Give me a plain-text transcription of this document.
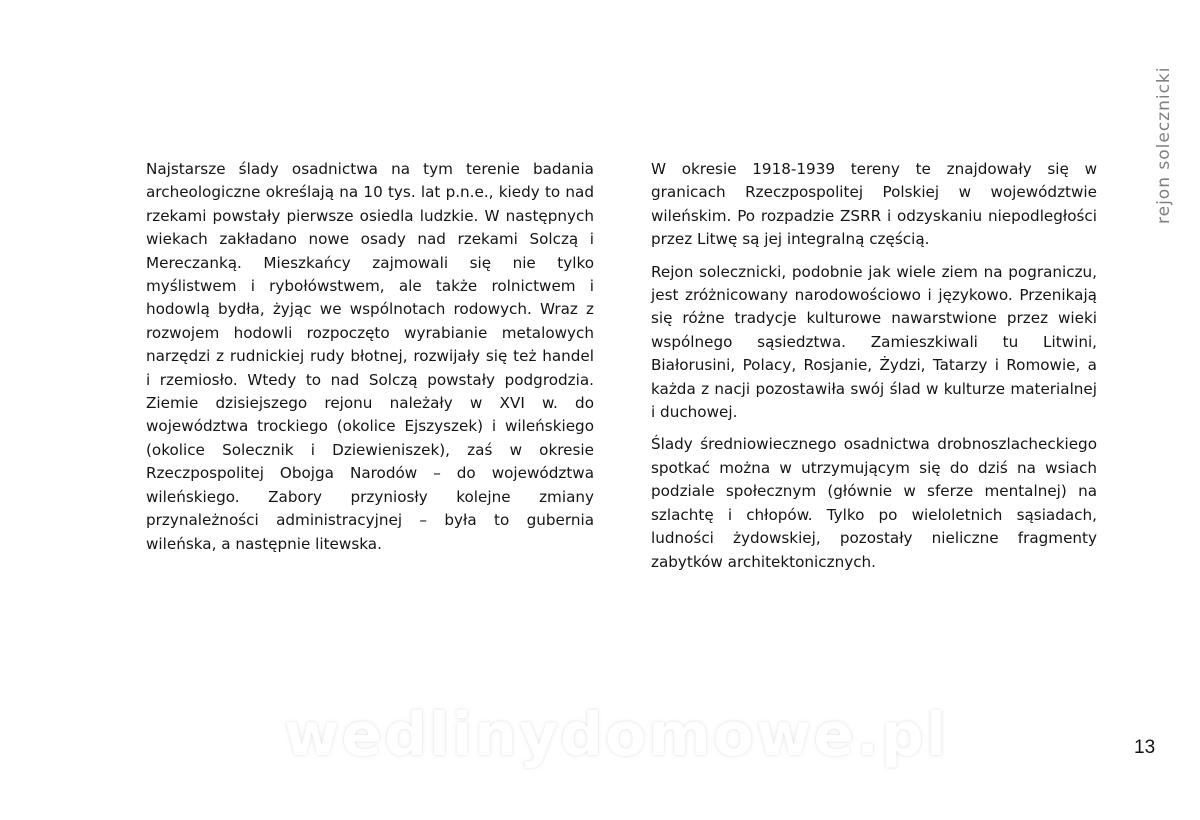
rejon solecznicki

Najstarsze ślady osadnictwa na tym terenie badania archeologiczne określają na 10 tys. lat p.n.e., kiedy to nad rzekami powstały pierwsze osiedla ludzkie. W następnych wiekach zakładano nowe osady nad rzekami Solczą i Mereczanką. Mieszkańcy zajmowali się nie tylko myślistwem i rybołówstwem, ale także rolnictwem i hodowlą bydła, żyjąc we wspólnotach rodowych. Wraz z rozwojem hodowli rozpoczęto wyrabianie metalowych narzędzi z rudnickiej rudy błotnej, rozwijały się też handel i rzemiosło. Wtedy to nad Solczą powstały podgrodzia. Ziemie dzisiejszego rejonu należały w XVI w. do województwa trockiego (okolice Ejszyszek) i wileńskiego (okolice Solecznik i Dziewieniszek), zaś w okresie Rzeczpospolitej Obojga Narodów – do województwa wileńskiego. Zabory przyniosły kolejne zmiany przynależności administracyjnej – była to gubernia wileńska, a następnie litewska.

W okresie 1918-1939 tereny te znajdowały się w granicach Rzeczpospolitej Polskiej w województwie wileńskim. Po rozpadzie ZSRR i odzyskaniu niepodległości przez Litwę są jej integralną częścią.

Rejon solecznicki, podobnie jak wiele ziem na pograniczu, jest zróżnicowany narodowościowo i językowo. Przenikają się różne tradycje kulturowe nawarstwione przez wieki wspólnego sąsiedztwa. Zamieszkiwali tu Litwini, Białorusini, Polacy, Rosjanie, Żydzi, Tatarzy i Romowie, a każda z nacji pozostawiła swój ślad w kulturze materialnej i duchowej.

Ślady średniowiecznego osadnictwa drobnoszlacheckiego spotkać można w utrzymującym się do dziś na wsiach podziale społecznym (głównie w sferze mentalnej) na szlachtę i chłopów. Tylko po wieloletnich sąsiadach, ludności żydowskiej, pozostały nieliczne fragmenty zabytków architektonicznych.

wedlinydomowe.pl	13
